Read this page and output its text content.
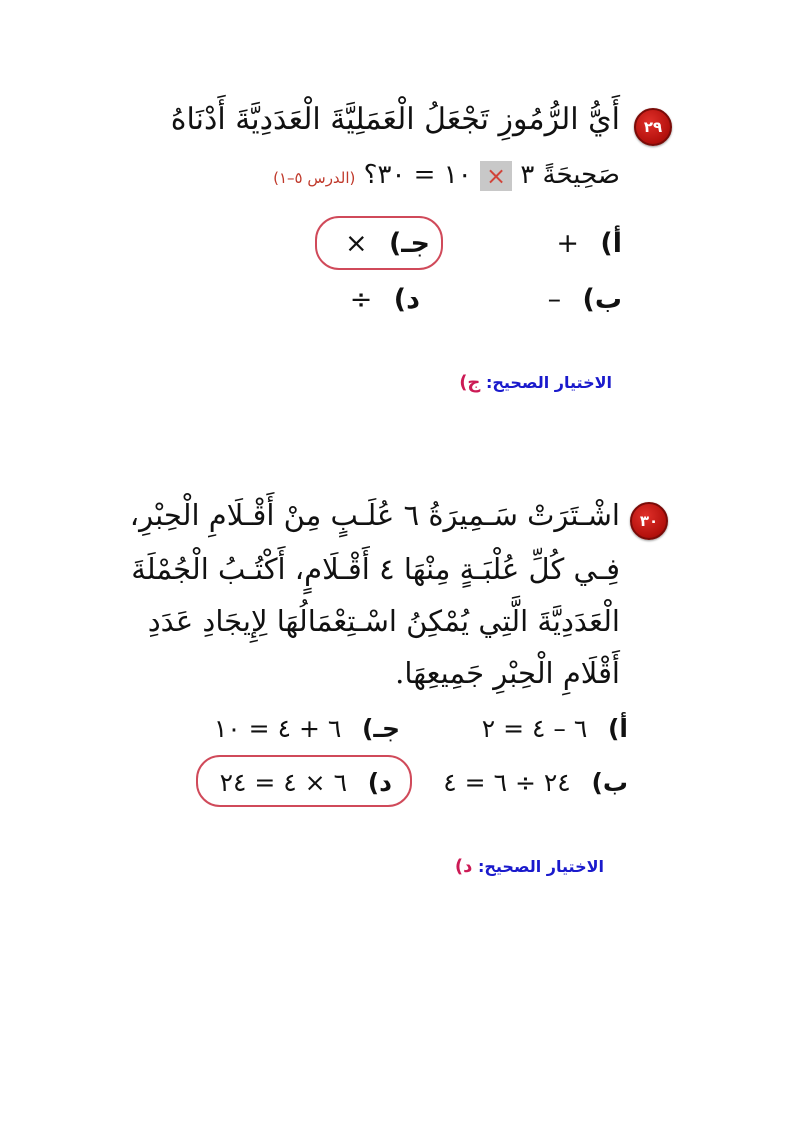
٢٩
أَيُّ الرُّمُوزِ تَجْعَلُ الْعَمَلِيَّةَ الْعَدَدِيَّةَ أَدْنَاهُ
صَحِيحَةً ٣ × ١٠ = ٣٠؟ (الدرس ٥–١)
أ) +
جـ) ×
ب) –
د) ÷
الاختيار الصحيح: ج)
٣٠
اشْـتَرَتْ سَـمِيرَةُ ٦ عُلَـبٍ مِنْ أَقْـلَامِ الْحِبْرِ،
فِـي كُلِّ عُلْبَـةٍ مِنْهَا ٤ أَقْـلَامٍ، أَكْتُـبُ الْجُمْلَةَ
الْعَدَدِيَّةَ الَّتِي يُمْكِنُ اسْـتِعْمَالُهَا لِإِيجَادِ عَدَدِ
أَقْلَامِ الْحِبْرِ جَمِيعِهَا.
أ) ٦ – ٤ = ٢
جـ) ٦ + ٤ = ١٠
ب) ٢٤ ÷ ٦ = ٤
د) ٦ × ٤ = ٢٤
الاختيار الصحيح: د)
